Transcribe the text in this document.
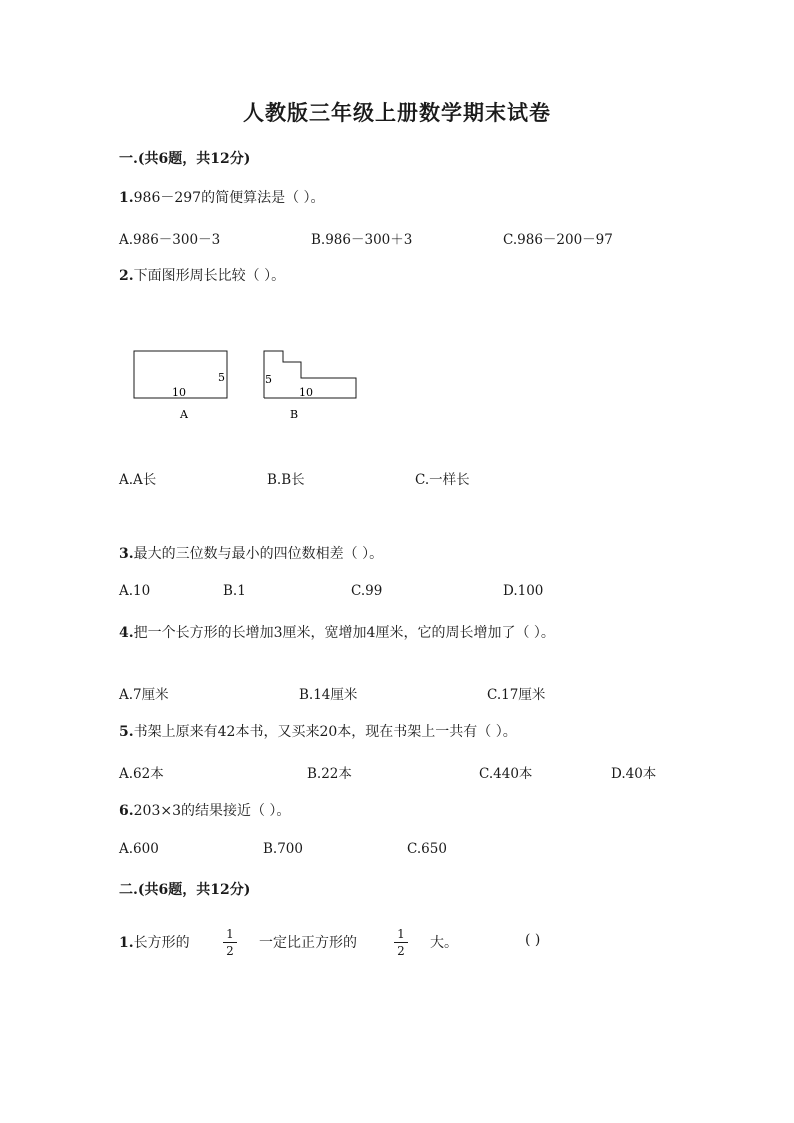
人教版三年级上册数学期末试卷
一.(共6题，共12分)
1.986－297的简便算法是（ ）。
A.986－300－3	B.986－300＋3	C.986－200－97
2.下面图形周长比较（ ）。
10
5
A
5
10
B
A.A长	B.B长	C.一样长
3.最大的三位数与最小的四位数相差（ ）。
A.10	B.1	C.99	D.100
4.把一个长方形的长增加3厘米，宽增加4厘米，它的周长增加了（ ）。
A.7厘米	B.14厘米	C.17厘米
5.书架上原来有42本书，又买来20本，现在书架上一共有（ ）。
A.62本	B.22本	C.440本	D.40本
6.203×3的结果接近（ ）。
A.600	B.700	C.650
二.(共6题，共12分)
1.长方形的
1
2 一定比正方形的
1
2 大。	( )
